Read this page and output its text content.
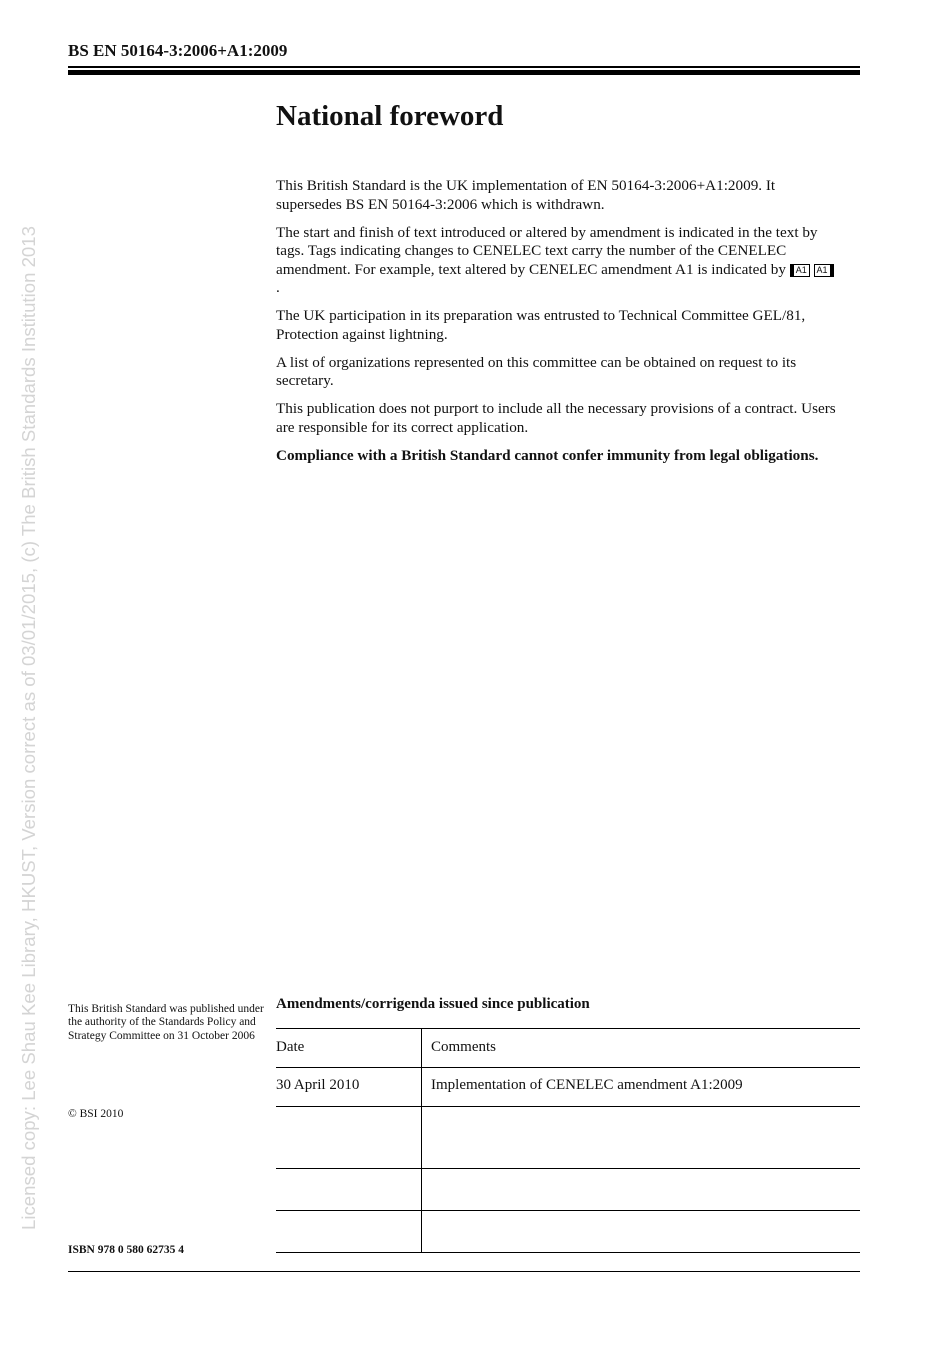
Licensed copy: Lee Shau Kee Library, HKUST, Version correct as of 03/01/2015, (c) The British Standards Institution 2013
BS EN 50164-3:2006+A1:2009
National foreword

This British Standard is the UK implementation of EN 50164-3:2006+A1:2009. It supersedes BS EN 50164-3:2006 which is withdrawn.

The start and finish of text introduced or altered by amendment is indicated in the text by tags. Tags indicating changes to CENELEC text carry the number of the CENELEC amendment. For example, text altered by CENELEC amendment A1 is indicated by A1 A1.

The UK participation in its preparation was entrusted to Technical Committee GEL/81, Protection against lightning.

A list of organizations represented on this committee can be obtained on request to its secretary.

This publication does not purport to include all the necessary provisions of a contract. Users are responsible for its correct application.

Compliance with a British Standard cannot confer immunity from legal obligations.

This British Standard was published under the authority of the Standards Policy and Strategy Committee on 31 October 2006
© BSI 2010
ISBN 978 0 580 62735 4
Amendments/corrigenda issued since publication
Date	Comments
30 April 2010	Implementation of CENELEC amendment A1:2009
